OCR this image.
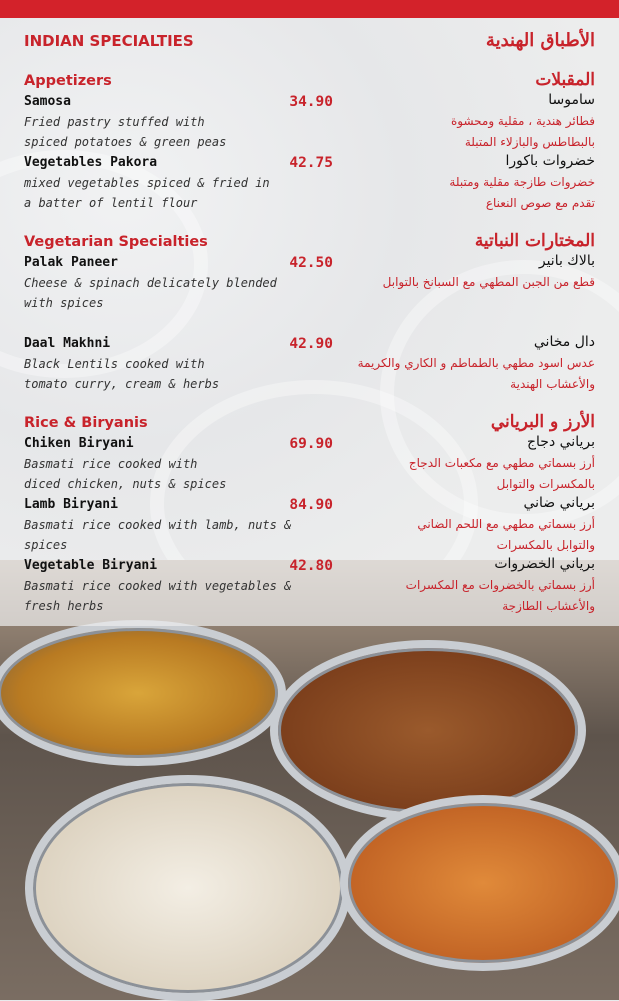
INDIAN SPECIALTIES	الأطباق الهندية
Appetizers	المقبلات
Samosa	34.90	ساموسا
Fried pastry stuffed with
spiced potatoes & green peas
فطائر هندية ، مقلية ومحشوة
بالبطاطس والبازلاء المتبلة
Vegetables Pakora	42.75	خضروات باكورا
mixed vegetables spiced & fried in
a batter of lentil flour
خضروات طازجة مقلية ومتبلة
تقدم مع صوص النعناع
Vegetarian Specialties	المختارات النباتية
Palak Paneer	42.50	بالاك بانير
Cheese & spinach delicately blended
with spices
قطع من الجبن المطهي مع السبانخ بالتوابل
Daal Makhni	42.90	دال مخاني
Black Lentils cooked with
tomato curry, cream & herbs
عدس اسود مطهي بالطماطم و الكاري والكريمة
والأعشاب الهندية
Rice & Biryanis	الأرز و البرياني
Chiken Biryani	69.90	برياني دجاج
Basmati rice cooked with
diced chicken, nuts & spices
أرز بسماتي مطهي مع مكعبات الدجاج
بالمكسرات والتوابل
Lamb Biryani	84.90	برياني ضاني
Basmati rice cooked with lamb, nuts &
spices
أرز بسماتي مطهي مع اللحم الضاني
والتوابل بالمكسرات
Vegetable Biryani	42.80	برياني الخضروات
Basmati rice cooked with vegetables &
fresh herbs
أرز بسماتي بالخضروات مع المكسرات
والأعشاب الطازجة
